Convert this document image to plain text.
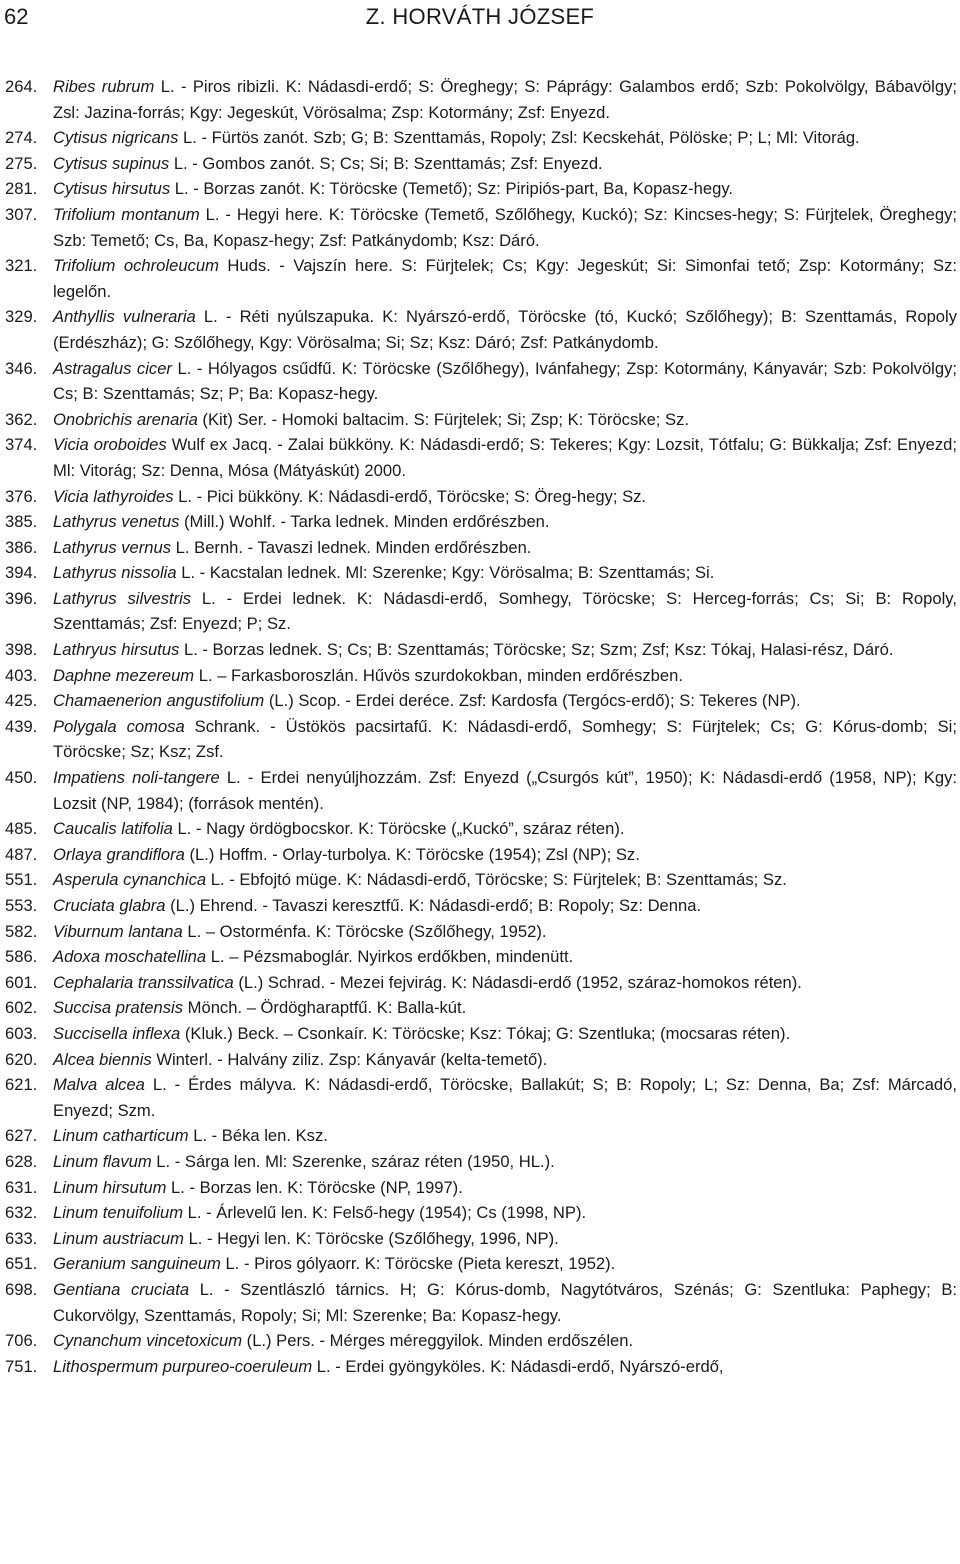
62	Z. HORVÁTH JÓZSEF

264. Ribes rubrum L. - Piros ribizli. K: Nádasdi-erdő; S: Öreghegy; S: Páprágy: Galambos erdő; Szb: Pokolvölgy, Bábavölgy; Zsl: Jazina-forrás; Kgy: Jegeskút, Vörösalma; Zsp: Kotormány; Zsf: Enyezd.

274. Cytisus nigricans L. - Fürtös zanót. Szb; G; B: Szenttamás, Ropoly; Zsl: Kecskehát, Pölöske; P; L; Ml: Vitorág.

275. Cytisus supinus L. - Gombos zanót. S; Cs; Si; B: Szenttamás; Zsf: Enyezd.

281. Cytisus hirsutus L. - Borzas zanót. K: Töröcske (Temető); Sz: Piripiós-part, Ba, Kopasz-hegy.

307. Trifolium montanum L. - Hegyi here. K: Töröcske (Temető, Szőlőhegy, Kuckó); Sz: Kincses-hegy; S: Fürjtelek, Öreghegy; Szb: Temető; Cs, Ba, Kopasz-hegy; Zsf: Patkánydomb; Ksz: Dáró.

321. Trifolium ochroleucum Huds. - Vajszín here. S: Fürjtelek; Cs; Kgy: Jegeskút; Si: Simonfai tető; Zsp: Kotormány; Sz: legelőn.

329. Anthyllis vulneraria L. - Réti nyúlszapuka. K: Nyárszó-erdő, Töröcske (tó, Kuckó; Szőlőhegy); B: Szenttamás, Ropoly (Erdészház); G: Szőlőhegy, Kgy: Vörösalma; Si; Sz; Ksz: Dáró; Zsf: Patkánydomb.

346. Astragalus cicer L. - Hólyagos csűdfű. K: Töröcske (Szőlőhegy), Ivánfahegy; Zsp: Kotormány, Kányavár; Szb: Pokolvölgy; Cs; B: Szenttamás; Sz; P; Ba: Kopasz-hegy.

362. Onobrichis arenaria (Kit) Ser. - Homoki baltacim. S: Fürjtelek; Si; Zsp; K: Töröcske; Sz.

374. Vicia oroboides Wulf ex Jacq. - Zalai bükköny. K: Nádasdi-erdő; S: Tekeres; Kgy: Lozsit, Tótfalu; G: Bükkalja; Zsf: Enyezd; Ml: Vitorág; Sz: Denna, Mósa (Mátyáskút) 2000.

376. Vicia lathyroides L. - Pici bükköny. K: Nádasdi-erdő, Töröcske; S: Öreg-hegy; Sz.

385. Lathyrus venetus (Mill.) Wohlf. - Tarka lednek. Minden erdőrészben.

386. Lathyrus vernus L. Bernh. - Tavaszi lednek. Minden erdőrészben.

394. Lathyrus nissolia L. - Kacstalan lednek. Ml: Szerenke; Kgy: Vörösalma; B: Szenttamás; Si.

396. Lathyrus silvestris L. - Erdei lednek. K: Nádasdi-erdő, Somhegy, Töröcske; S: Herceg-forrás; Cs; Si; B: Ropoly, Szenttamás; Zsf: Enyezd; P; Sz.

398. Lathryus hirsutus L. - Borzas lednek. S; Cs; B: Szenttamás; Töröcske; Sz; Szm; Zsf; Ksz: Tókaj, Halasi-rész, Dáró.

403. Daphne mezereum L. – Farkasboroszlán. Hűvös szurdokokban, minden erdőrészben.

425. Chamaenerion angustifolium (L.) Scop. - Erdei derécе. Zsf: Kardosfa (Tergócs-erdő); S: Tekeres (NP).

439. Polygala comosa Schrank. - Üstökös pacsirtafű. K: Nádasdi-erdő, Somhegy; S: Fürjtelek; Cs; G: Kórus-domb; Si; Töröcske; Sz; Ksz; Zsf.

450. Impatiens noli-tangere L. - Erdei nenyúljhozzám. Zsf: Enyezd („Csurgós kút”, 1950); K: Nádasdi-erdő (1958, NP); Kgy: Lozsit (NP, 1984); (források mentén).

485. Caucalis latifolia L. - Nagy ördögbocskor. K: Töröcske („Kuckó”, száraz réten).

487. Orlaya grandiflora (L.) Hoffm. - Orlay-turbolya. K: Töröcske (1954); Zsl (NP); Sz.

551. Asperula cynanchica L. - Ebfojtó müge. K: Nádasdi-erdő, Töröcske; S: Fürjtelek; B: Szenttamás; Sz.

553. Cruciata glabra (L.) Ehrend. - Tavaszi keresztfű. K: Nádasdi-erdő; B: Ropoly; Sz: Denna.

582. Viburnum lantana L. – Ostorménfa. K: Töröcske (Szőlőhegy, 1952).

586. Adoxa moschatellina L. – Pézsmaboglár. Nyirkos erdőkben, mindenütt.

601. Cephalaria transsilvatica (L.) Schrad. - Mezei fejvirág. K: Nádasdi-erdő (1952, száraz-homokos réten).

602. Succisa pratensis Mönch. – Ördögharaptfű. K: Balla-kút.

603. Succisella inflexa (Kluk.) Beck. – Csonkaír. K: Töröcske; Ksz: Tókaj; G: Szentluka; (mocsaras réten).

620. Alcea biennis Winterl. - Halvány ziliz. Zsp: Kányavár (kelta-temető).

621. Malva alcea L. - Érdes mályva. K: Nádasdi-erdő, Töröcske, Ballakút; S; B: Ropoly; L; Sz: Denna, Ba; Zsf: Márcadó, Enyezd; Szm.

627. Linum catharticum L. - Béka len. Ksz.

628. Linum flavum L. - Sárga len. Ml: Szerenke, száraz réten (1950, HL.).

631. Linum hirsutum L. - Borzas len. K: Töröcske (NP, 1997).

632. Linum tenuifolium L. - Árlevelű len. K: Felső-hegy (1954); Cs (1998, NP).

633. Linum austriacum L. - Hegyi len. K: Töröcske (Szőlőhegy, 1996, NP).

651. Geranium sanguineum L. - Piros gólyaorr. K: Töröcske (Pieta kereszt, 1952).

698. Gentiana cruciata L. - Szentlászló tárnics. H; G: Kórus-domb, Nagytótváros, Szénás; G: Szentluka: Paphegy; B: Cukorvölgy, Szenttamás, Ropoly; Si; Ml: Szerenke; Ba: Kopasz-hegy.

706. Cynanchum vincetoxicum (L.) Pers. - Mérges méreggyilok. Minden erdőszélen.

751. Lithospermum purpureo-coeruleum L. - Erdei gyöngyköles. K: Nádasdi-erdő, Nyárszó-erdő,
